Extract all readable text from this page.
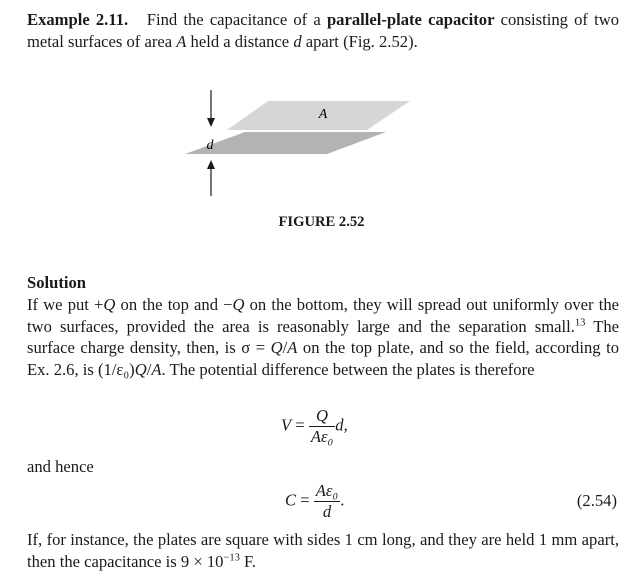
Example 2.11. Find the capacitance of a parallel-plate capacitor consisting of two metal surfaces of area A held a distance d apart (Fig. 2.52).

A
d
FIGURE 2.52
Solution

If we put +Q on the top and −Q on the bottom, they will spread out uniformly over the two surfaces, provided the area is reasonably large and the separation small.$^{13}$ The surface charge density, then, is σ = Q/A on the top plate, and so the field, according to Ex. 2.6, is (1/ε₀)Q/A. The potential difference between the plates is therefore

$V = \frac{Q}{\text{Aε₀}} d$,
and hence
$C = \frac{\text{Aε₀}}{d}$ .	(2.54)

If, for instance, the plates are square with sides 1 cm long, and they are held 1 mm apart, then the capacitance is $9 \times 10^{-13}$ F.
